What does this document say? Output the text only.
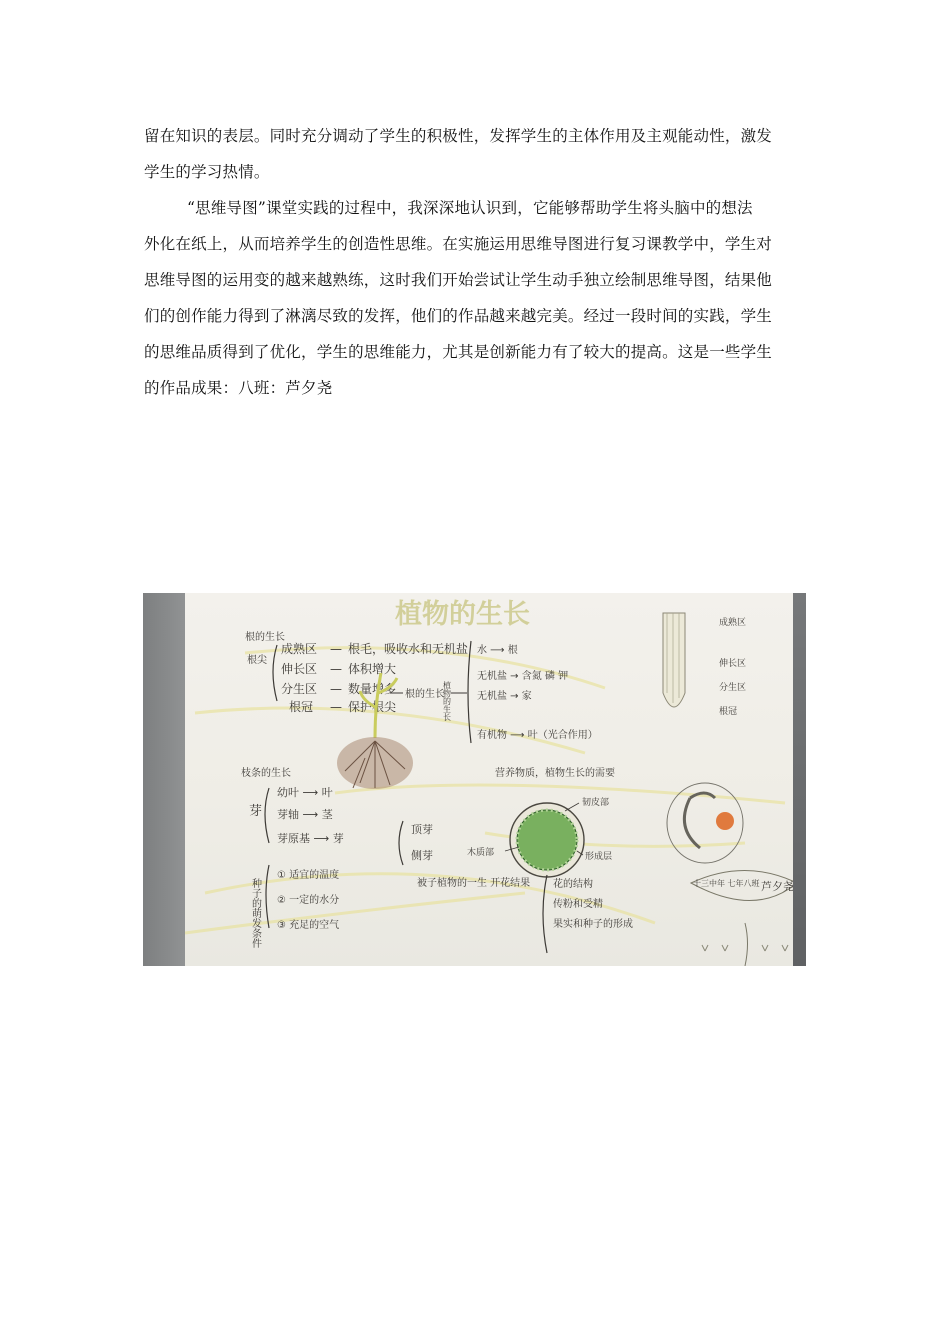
留在知识的表层。同时充分调动了学生的积极性，发挥学生的主体作用及主观能动性，激发
学生的学习热情。

“思维导图”课堂实践的过程中，我深深地认识到，它能够帮助学生将头脑中的想法
外化在纸上，从而培养学生的创造性思维。在实施运用思维导图进行复习课教学中，学生对
思维导图的运用变的越来越熟练，这时我们开始尝试让学生动手独立绘制思维导图，结果他
们的创作能力得到了淋漓尽致的发挥，他们的作品越来越完美。经过一段时间的实践，学生
的思维品质得到了优化，学生的思维能力，尤其是创新能力有了较大的提高。这是一些学生
的作品成果：八班：芦夕尧

植物的生长
根的生长
根尖
成熟区 — 根毛，吸收水和无机盐
伸长区 — 体积增大
分生区 — 数量增多
根冠 — 保护根尖
根的生长
植物的生长
水 ⟶ 根
无机盐 → 含氮 磷 钾
无机盐 → 家
有机物 ⟶ 叶（光合作用）
成熟区
伸长区
分生区
根冠
枝条的生长
芽
幼叶 ⟶ 叶
芽轴 ⟶ 茎
芽原基 ⟶ 芽
顶芽
侧芽
营养物质，植物生长的需要
韧皮部
木质部	形成层
种子的萌发条件
① 适宜的温度
② 一定的水分
③ 充足的空气
被子植物的一生 开花结果 花的结构
传粉和受精
果实和种子的形成
十三中年 七年八班 芦夕尧
